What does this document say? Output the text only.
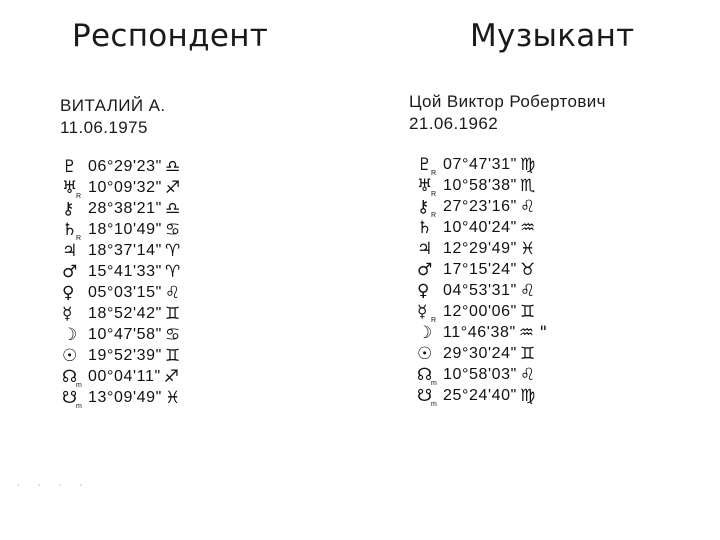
Респондент	Музыкант
ВИТАЛИЙ А.
11.06.1975
Цой Виктор Робертович
21.06.1962
♇ 06°29'23" ♎
♅
R
10°09'32" ♐
⚷ 28°38'21" ♎
♄
R
18°10'49" ♋
♃ 18°37'14" ♈
♂ 15°41'33" ♈
♀ 05°03'15" ♌
☿ 18°52'42" ♊
☽ 10°47'58" ♋
☉ 19°52'39" ♊
☊
m
00°04'11" ♐
☋
m
13°09'49" ♓
♇
R
07°47'31" ♍
♅
R
10°58'38" ♏
⚷ R
27°23'16" ♌
♄ 10°40'24" ♒
♃ 12°29'49" ♓
♂ 17°15'24" ♉
♀ 04°53'31" ♌
☿ R
12°00'06" ♊
☽ 11°46'38" ♒ "
☉ 29°30'24" ♊
☊
m
10°58'03" ♌
☋
m
25°24'40" ♍
· · · ·
